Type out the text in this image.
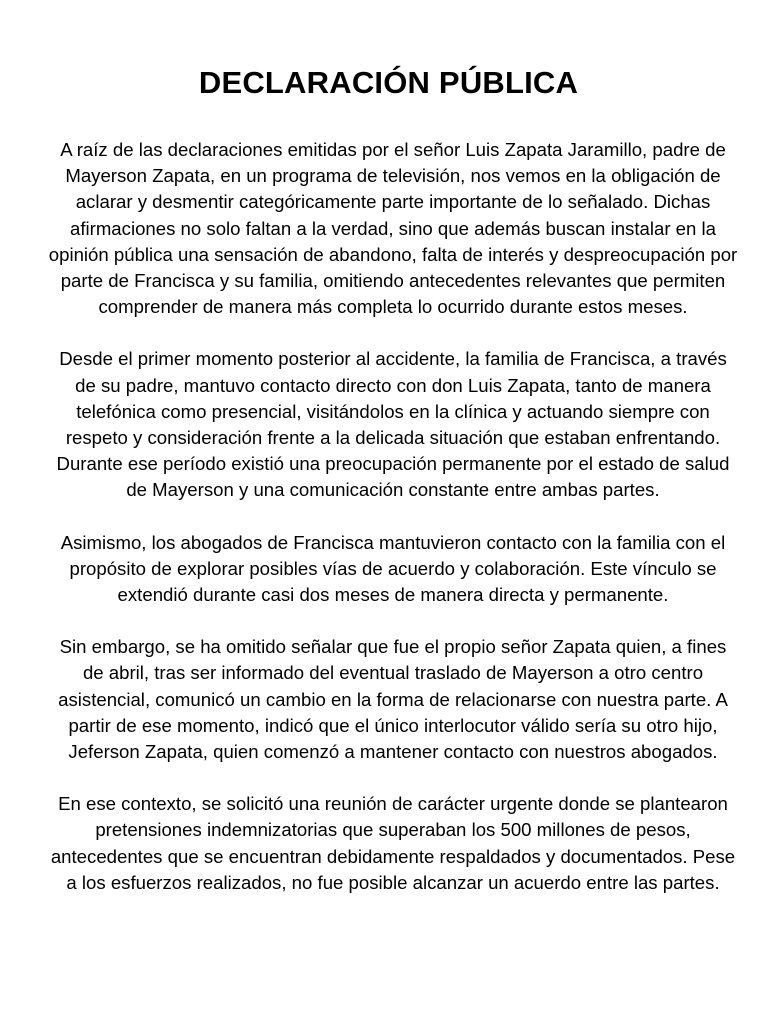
DECLARACIÓN PÚBLICA

A raíz de las declaraciones emitidas por el señor Luis Zapata Jaramillo, padre de Mayerson Zapata, en un programa de televisión, nos vemos en la obligación de aclarar y desmentir categóricamente parte importante de lo señalado. Dichas afirmaciones no solo faltan a la verdad, sino que además buscan instalar en la opinión pública una sensación de abandono, falta de interés y despreocupación por parte de Francisca y su familia, omitiendo antecedentes relevantes que permiten comprender de manera más completa lo ocurrido durante estos meses.

Desde el primer momento posterior al accidente, la familia de Francisca, a través de su padre, mantuvo contacto directo con don Luis Zapata, tanto de manera telefónica como presencial, visitándolos en la clínica y actuando siempre con respeto y consideración frente a la delicada situación que estaban enfrentando. Durante ese período existió una preocupación permanente por el estado de salud de Mayerson y una comunicación constante entre ambas partes.

Asimismo, los abogados de Francisca mantuvieron contacto con la familia con el propósito de explorar posibles vías de acuerdo y colaboración. Este vínculo se extendió durante casi dos meses de manera directa y permanente.

Sin embargo, se ha omitido señalar que fue el propio señor Zapata quien, a fines de abril, tras ser informado del eventual traslado de Mayerson a otro centro asistencial, comunicó un cambio en la forma de relacionarse con nuestra parte. A partir de ese momento, indicó que el único interlocutor válido sería su otro hijo, Jeferson Zapata, quien comenzó a mantener contacto con nuestros abogados.

En ese contexto, se solicitó una reunión de carácter urgente donde se plantearon pretensiones indemnizatorias que superaban los 500 millones de pesos, antecedentes que se encuentran debidamente respaldados y documentados. Pese a los esfuerzos realizados, no fue posible alcanzar un acuerdo entre las partes.
